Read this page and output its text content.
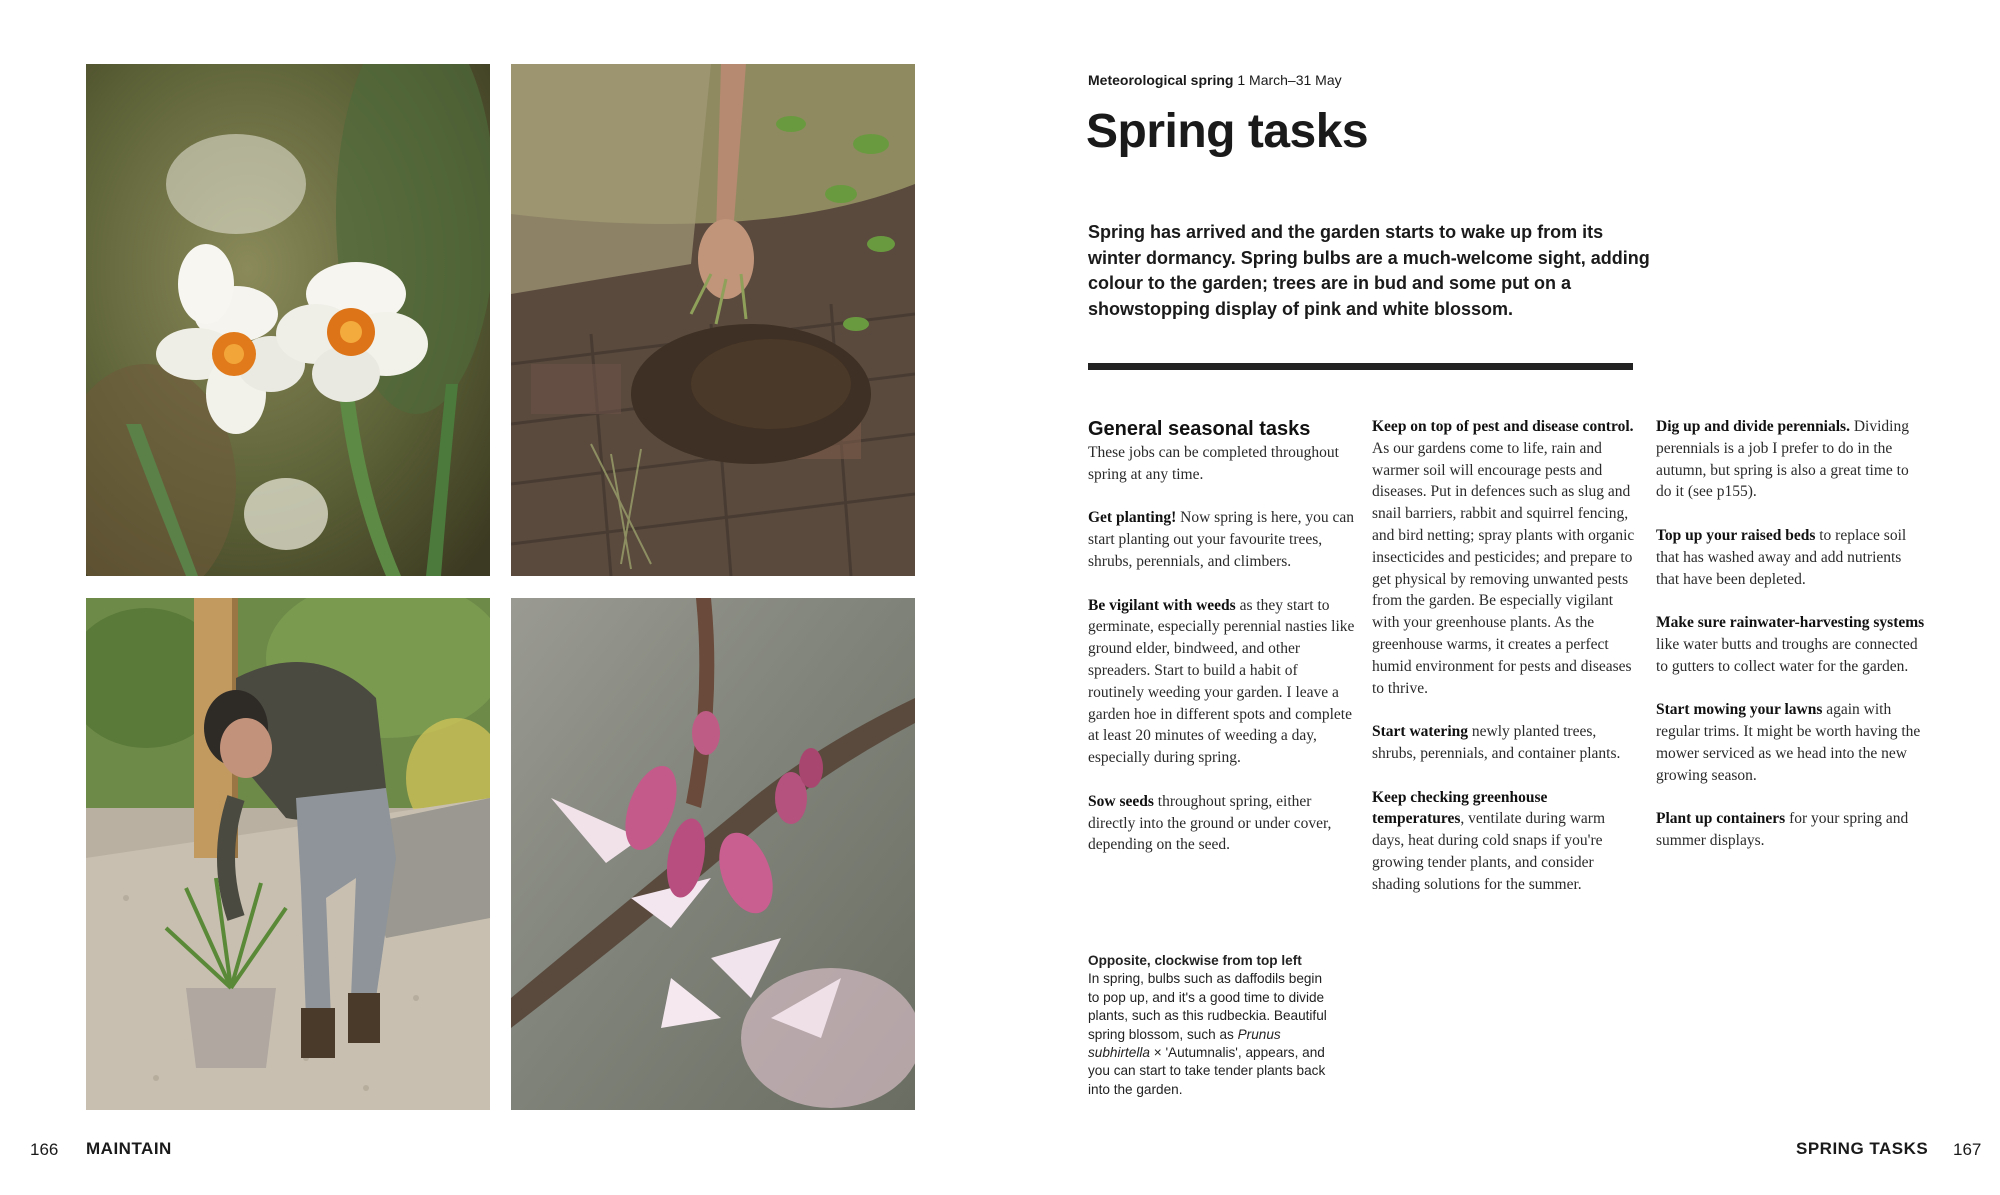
166 MAINTAIN
Meteorological spring 1 March–31 May
Spring tasks
Spring has arrived and the garden starts to wake up from its winter dormancy. Spring bulbs are a much-welcome sight, adding colour to the garden; trees are in bud and some put on a showstopping display of pink and white blossom.
General seasonal tasks

These jobs can be completed throughout spring at any time.

Get planting! Now spring is here, you can start planting out your favourite trees, shrubs, perennials, and climbers.

Be vigilant with weeds as they start to germinate, especially perennial nasties like ground elder, bindweed, and other spreaders. Start to build a habit of routinely weeding your garden. I leave a garden hoe in different spots and complete at least 20 minutes of weeding a day, especially during spring.

Sow seeds throughout spring, either directly into the ground or under cover, depending on the seed.

Keep on top of pest and disease control. As our gardens come to life, rain and warmer soil will encourage pests and diseases. Put in defences such as slug and snail barriers, rabbit and squirrel fencing, and bird netting; spray plants with organic insecticides and pesticides; and prepare to get physical by removing unwanted pests from the garden. Be especially vigilant with your greenhouse plants. As the greenhouse warms, it creates a perfect humid environment for pests and diseases to thrive.

Start watering newly planted trees, shrubs, perennials, and container plants.

Keep checking greenhouse temperatures, ventilate during warm days, heat during cold snaps if you're growing tender plants, and consider shading solutions for the summer.

Dig up and divide perennials. Dividing perennials is a job I prefer to do in the autumn, but spring is also a great time to do it (see p155).

Top up your raised beds to replace soil that has washed away and add nutrients that have been depleted.

Make sure rainwater-harvesting systems like water butts and troughs are connected to gutters to collect water for the garden.

Start mowing your lawns again with regular trims. It might be worth having the mower serviced as we head into the new growing season.

Plant up containers for your spring and summer displays.

Opposite, clockwise from top left
In spring, bulbs such as daffodils begin to pop up, and it's a good time to divide plants, such as this rudbeckia. Beautiful spring blossom, such as Prunus subhirtella × 'Autumnalis', appears, and you can start to take tender plants back into the garden.
SPRING TASKS 167
